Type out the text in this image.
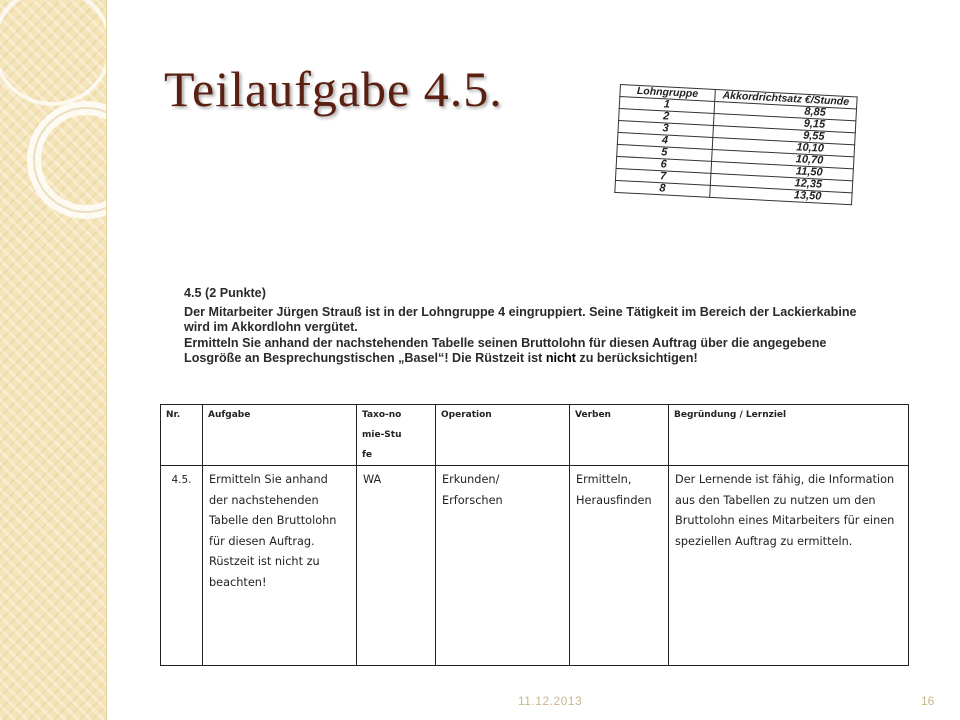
Teilaufgabe 4.5.	Lohngruppe	Akkordrichtsatz €/Stunde
1	8,85
2	9,15
3	9,55
4	10,10
5	10,70
6	11,50
7	12,35
8	13,50

4.5 (2 Punkte)

Der Mitarbeiter Jürgen Strauß ist in der Lohngruppe 4 eingruppiert. Seine Tätigkeit im Bereich der Lackierkabine wird im Akkordlohn vergütet.

Ermitteln Sie anhand der nachstehenden Tabelle seinen Bruttolohn für diesen Auftrag über die angegebene Losgröße an Besprechungstischen „Basel“! Die Rüstzeit ist nicht zu berücksichtigen!

Nr.	Aufgabe	Taxo-nomie-Stufe	Operation	Verben	Begründung / Lernziel
4.5.	Ermitteln Sie anhand der nachstehenden Tabelle den Bruttolohn für diesen Auftrag. Rüstzeit ist nicht zu beachten!	WA	Erkunden/ Erforschen	Ermitteln, Herausfinden	Der Lernende ist fähig, die Information aus den Tabellen zu nutzen um den Bruttolohn eines Mitarbeiters für einen speziellen Auftrag zu ermitteln.
11.12.2013	16
